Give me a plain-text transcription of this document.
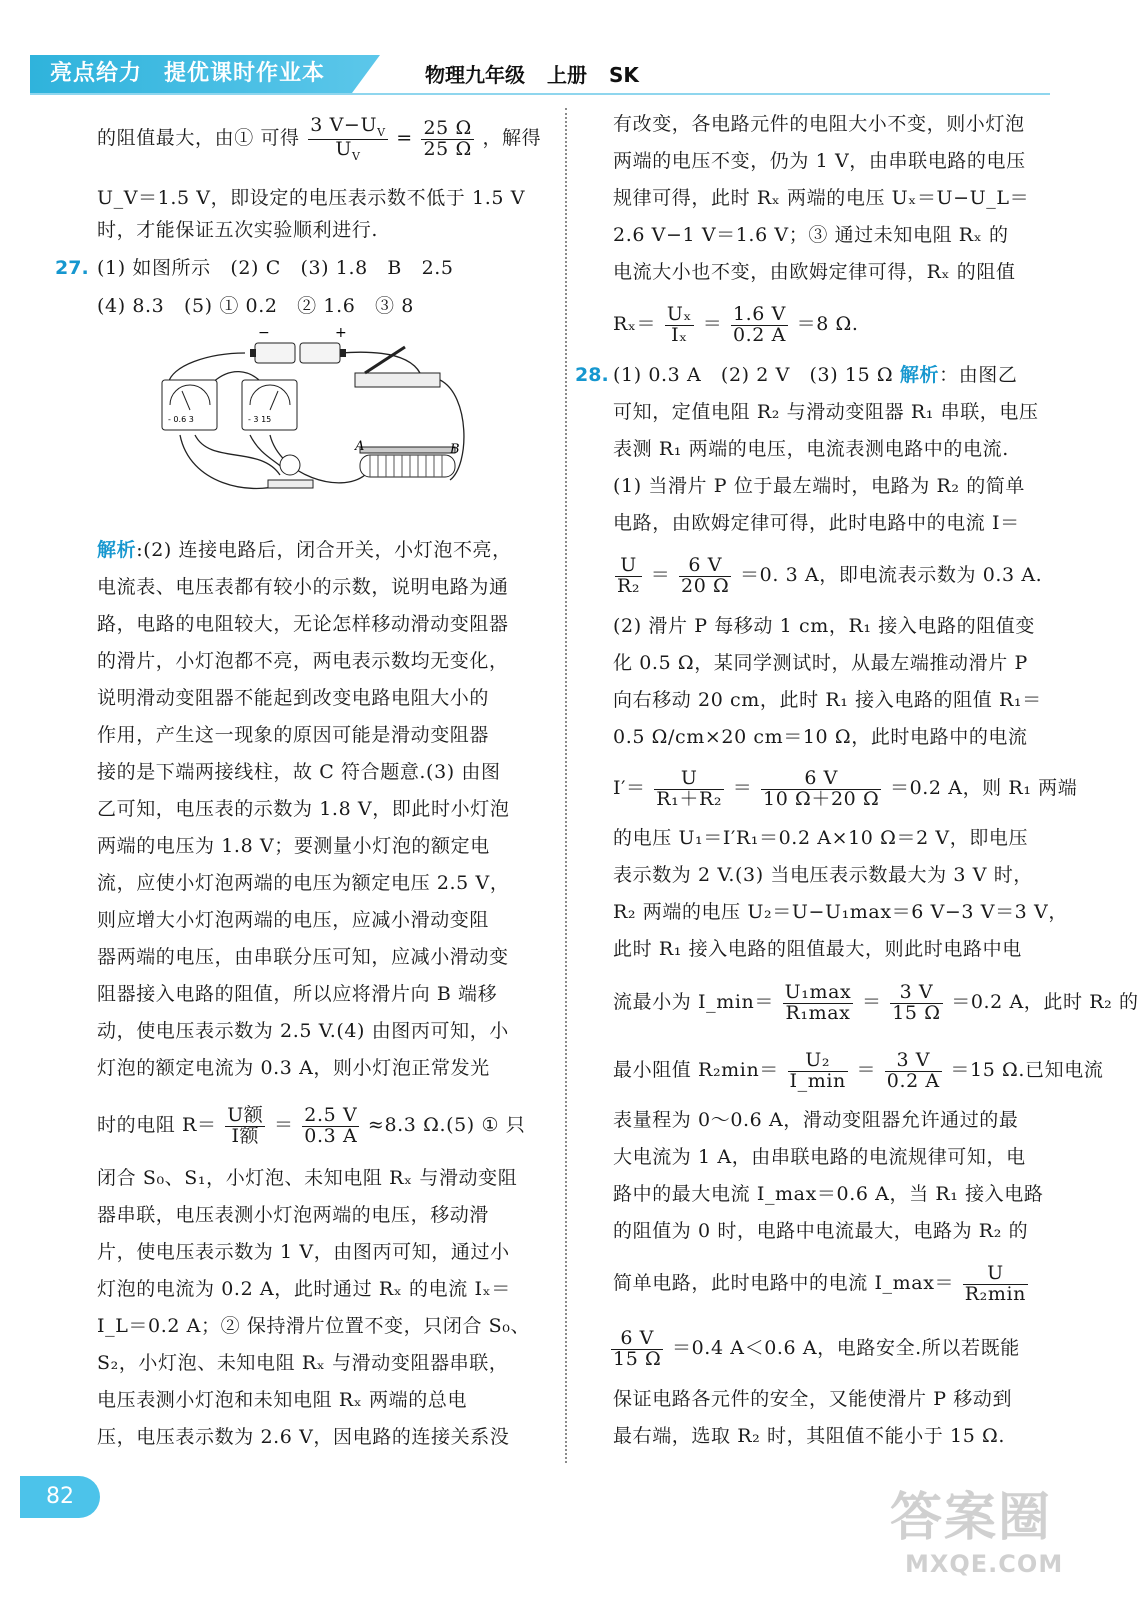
亮点给力 提优课时作业本	物理九年级 上册 SK
的阻值最大，由① 可得 $\frac{3 V-U_V}{U_V} = \frac{25 \Omega}{25 \Omega}$ ，解得
U_V＝1.5 V，即设定的电压表示数不低于 1.5 V
时，才能保证五次实验顺利进行.
27. (1) 如图所示　(2) C　(3) 1.8　B　2.5
(4) 8.3　(5) ① 0.2　② 1.6　③ 8
−	+
- 0.6 3	- 3 15
A	B
解析:(2) 连接电路后，闭合开关，小灯泡不亮，
电流表、电压表都有较小的示数，说明电路为通
路，电路的电阻较大，无论怎样移动滑动变阻器
的滑片，小灯泡都不亮，两电表示数均无变化，
说明滑动变阻器不能起到改变电路电阻大小的
作用，产生这一现象的原因可能是滑动变阻器
接的是下端两接线柱，故 C 符合题意.(3) 由图
乙可知，电压表的示数为 1.8 V，即此时小灯泡
两端的电压为 1.8 V；要测量小灯泡的额定电
流，应使小灯泡两端的电压为额定电压 2.5 V，
则应增大小灯泡两端的电压，应减小滑动变阻
器两端的电压，由串联分压可知，应减小滑动变
阻器接入电路的阻值，所以应将滑片向 B 端移
动，使电压表示数为 2.5 V.(4) 由图丙可知，小
灯泡的额定电流为 0.3 A，则小灯泡正常发光
时的电阻 $R= \frac{\text{U额}}{\text{I额}} = \frac{2.5 V}{0.3 A} \approx 8.3$ Ω.(5) ① 只
闭合 S₀、S₁，小灯泡、未知电阻 Rₓ 与滑动变阻
器串联，电压表测小灯泡两端的电压，移动滑
片，使电压表示数为 1 V，由图丙可知，通过小
灯泡的电流为 0.2 A，此时通过 Rₓ 的电流 Iₓ＝
I_L＝0.2 A；② 保持滑片位置不变，只闭合 S₀、
S₂，小灯泡、未知电阻 Rₓ 与滑动变阻器串联，
电压表测小灯泡和未知电阻 Rₓ 两端的总电
压，电压表示数为 2.6 V，因电路的连接关系没
有改变，各电路元件的电阻大小不变，则小灯泡
两端的电压不变，仍为 1 V，由串联电路的电压
规律可得，此时 Rₓ 两端的电压 Uₓ＝U−U_L＝
2.6 V−1 V＝1.6 V；③ 通过未知电阻 Rₓ 的
电流大小也不变，由欧姆定律可得，Rₓ 的阻值
$R_x= \frac{\text{Uₓ}}{\text{Iₓ}} = \frac{1.6 V}{0.2 A} =8$ Ω.
28. (1) 0.3 A　(2) 2 V　(3) 15 Ω 解析：由图乙
可知，定值电阻 R₂ 与滑动变阻器 R₁ 串联，电压
表测 R₁ 两端的电压，电流表测电路中的电流.
(1) 当滑片 P 位于最左端时，电路为 R₂ 的简单
电路，由欧姆定律可得，此时电路中的电流 I＝
$\frac{U}{\text{R₂}} = \frac{6 V}{20 \Omega} =0$. 3 A，即电流表示数为 0.3 A.
(2) 滑片 P 每移动 1 cm，R₁ 接入电路的阻值变
化 0.5 Ω，某同学测试时，从最左端推动滑片 P
向右移动 20 cm，此时 R₁ 接入电路的阻值 R₁＝
0.5 Ω/cm×20 cm＝10 Ω，此时电路中的电流
$I'= \frac{U}{\text{R₁＋R₂}} = \frac{6 V}{10 \Omega+20 \Omega} =0.2$ A，则 R₁ 两端
的电压 U₁＝I′R₁＝0.2 A×10 Ω＝2 V，即电压
表示数为 2 V.(3) 当电压表示数最大为 3 V 时，
R₂ 两端的电压 U₂＝U−U₁max＝6 V−3 V＝3 V，
此时 R₁ 接入电路的阻值最大，则此时电路中电
流最小为 I_min＝ $\frac{\text{U₁max}}{\text{R₁max}} = \frac{3 V}{15 \Omega} =0.2$ A，此时 R₂ 的
最小阻值 $R_2\min= \frac{\text{U₂}}{I\_\min} = \frac{3 V}{0.2 A} =15$ Ω.已知电流
表量程为 0～0.6 A，滑动变阻器允许通过的最
大电流为 1 A，由串联电路的电流规律可知，电
路中的最大电流 I_max＝0.6 A，当 R₁ 接入电路
的阻值为 0 时，电路中电流最大，电路为 R₂ 的
简单电路，此时电路中的电流 I_max＝ $\frac{U}{\text{R₂min}}$
$\frac{6 V}{15 \Omega} =0.4$ A＜0.6 A，电路安全.所以若既能
保证电路各元件的安全，又能使滑片 P 移动到
最右端，选取 R₂ 时，其阻值不能小于 15 Ω.
82	答案圈
MXQE.COM
